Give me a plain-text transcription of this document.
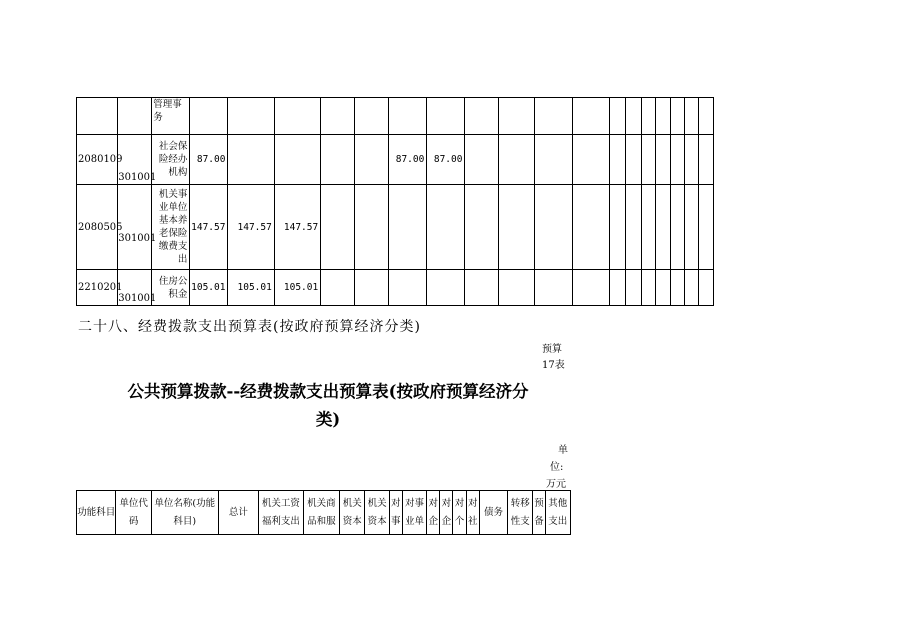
		管理事务																		
2080109	301001	社会保险经办机构	87.00					87.00	87.00											
2080505	301001	机关事业单位基本养老保险缴费支出	147.57	147.57	147.57															
2210201	301001	住房公积金	105.01	105.01	105.01															
二十八、经费拨款支出预算表(按政府预算经济分类)
预算
17表
公共预算拨款--经费拨款支出预算表(按政府预算经济分
类)
单
位:
万元
功能科目	单位代码	单位名称(功能科目)	总计	机关工资福利支出	机关商品和服	机关资本	机关资本	对事	对事业单	对企	对企	对个	对社	债务	转移性支	预备	其他支出
